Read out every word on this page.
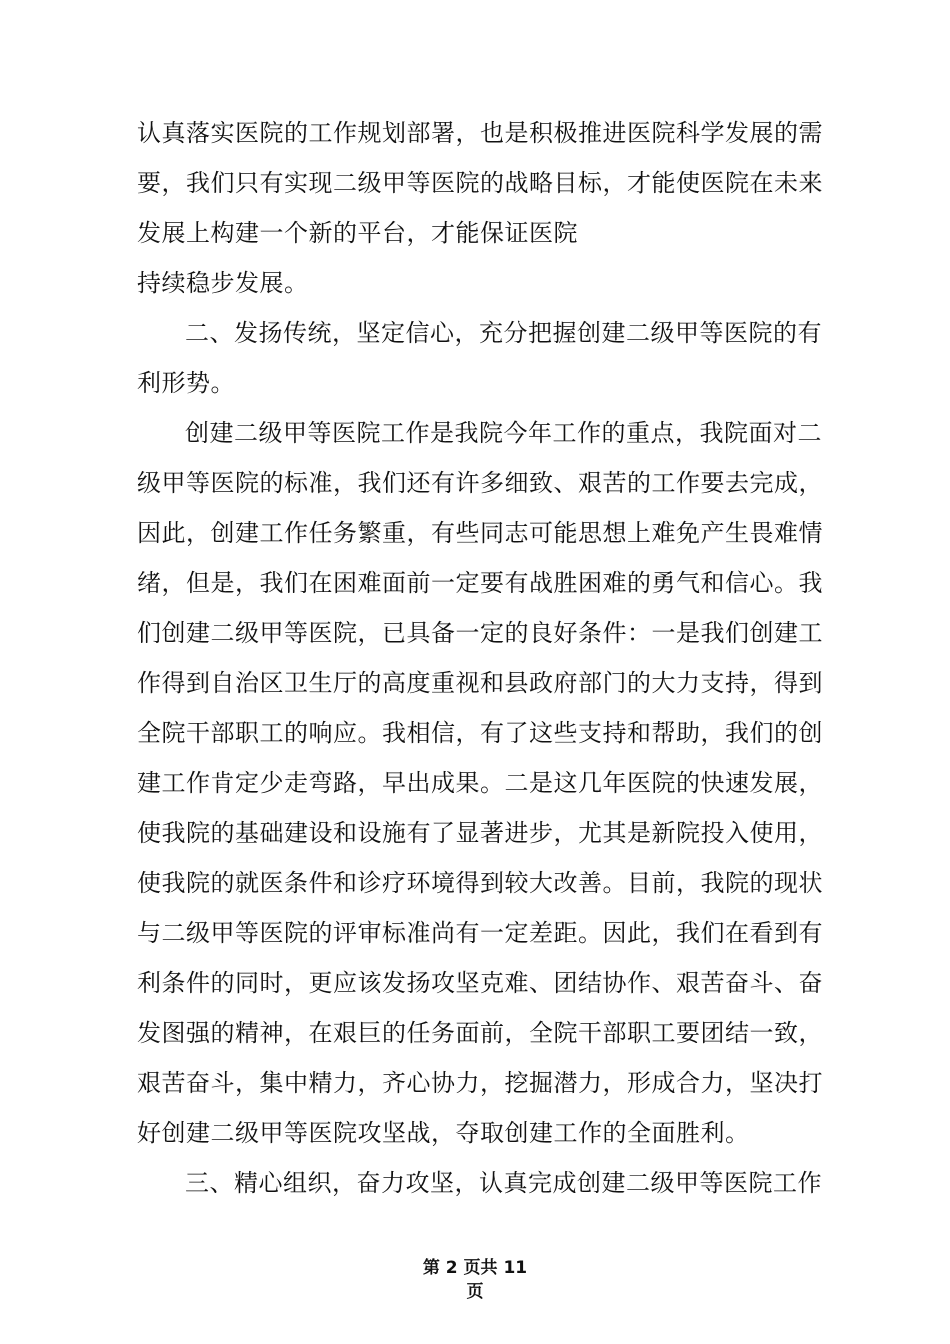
认真落实医院的工作规划部署，也是积极推进医院科学发展的需
要，我们只有实现二级甲等医院的战略目标，才能使医院在未来
发展上构建一个新的平台，才能保证医院
持续稳步发展。
二、发扬传统，坚定信心，充分把握创建二级甲等医院的有
利形势。
创建二级甲等医院工作是我院今年工作的重点，我院面对二
级甲等医院的标准，我们还有许多细致、艰苦的工作要去完成，
因此，创建工作任务繁重，有些同志可能思想上难免产生畏难情
绪，但是，我们在困难面前一定要有战胜困难的勇气和信心。我
们创建二级甲等医院，已具备一定的良好条件：一是我们创建工
作得到自治区卫生厅的高度重视和县政府部门的大力支持，得到
全院干部职工的响应。我相信，有了这些支持和帮助，我们的创
建工作肯定少走弯路，早出成果。二是这几年医院的快速发展，
使我院的基础建设和设施有了显著进步，尤其是新院投入使用，
使我院的就医条件和诊疗环境得到较大改善。目前，我院的现状
与二级甲等医院的评审标准尚有一定差距。因此，我们在看到有
利条件的同时，更应该发扬攻坚克难、团结协作、艰苦奋斗、奋
发图强的精神，在艰巨的任务面前，全院干部职工要团结一致，
艰苦奋斗，集中精力，齐心协力，挖掘潜力，形成合力，坚决打
好创建二级甲等医院攻坚战，夺取创建工作的全面胜利。
三、精心组织，奋力攻坚，认真完成创建二级甲等医院工作
第 2 页共 11
页
